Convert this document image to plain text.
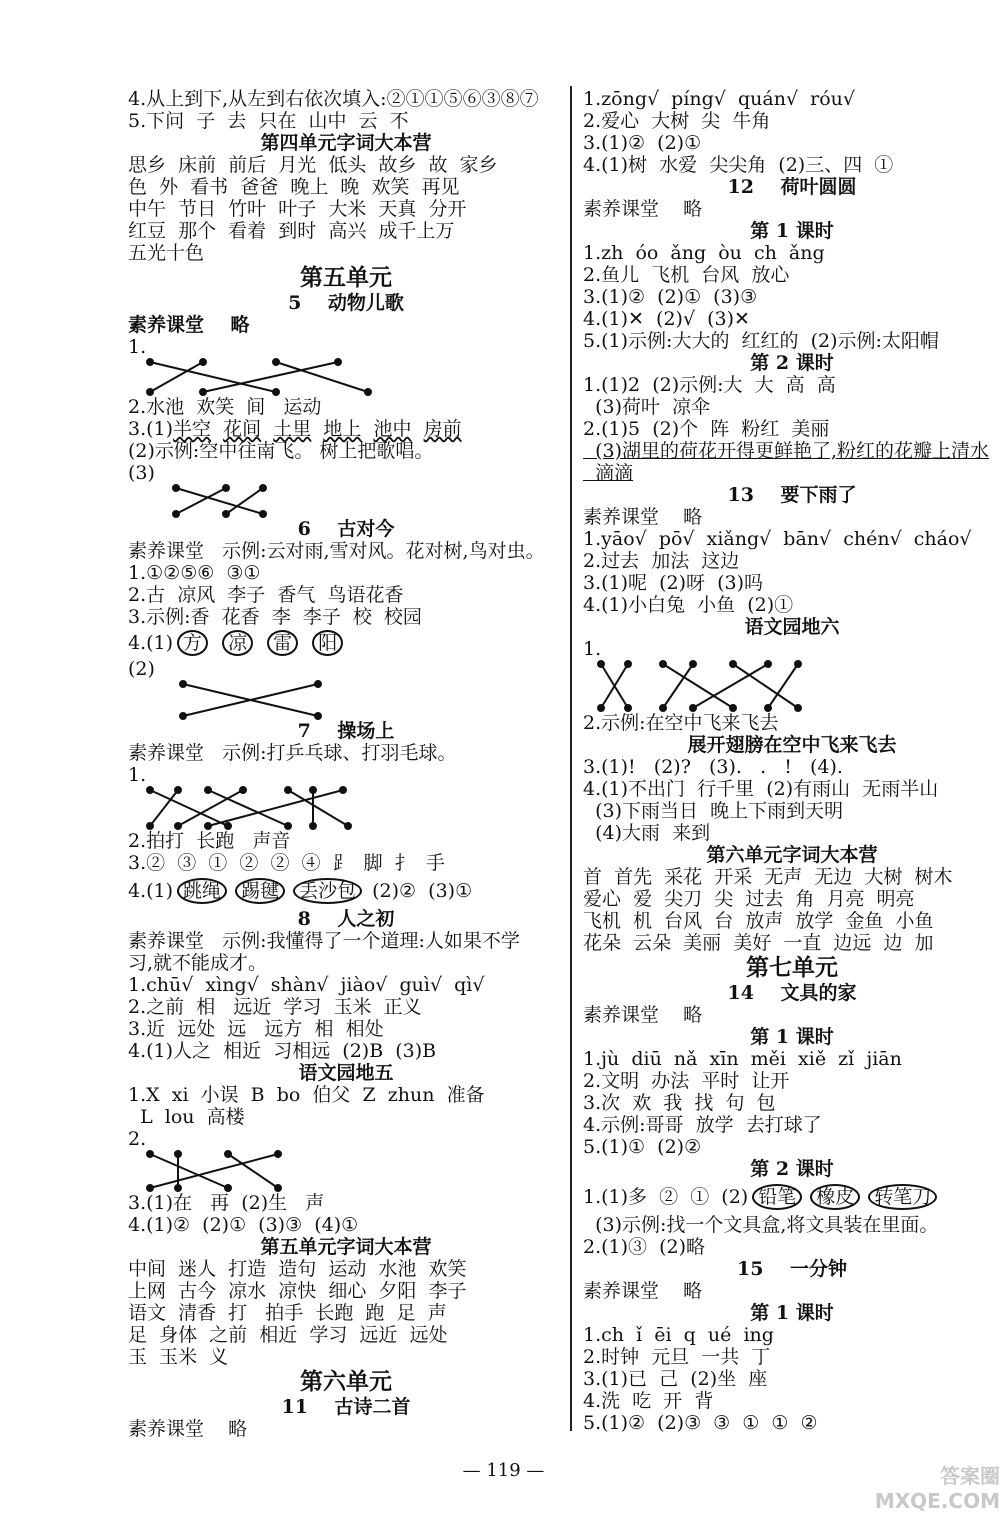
4.从上到下,从左到右依次填入:②①①⑤⑥③⑧⑦
5.下问  子  去  只在  山中  云  不
第四单元字词大本营
思乡  床前  前后  月光  低头  故乡  故  家乡
色  外  看书  爸爸  晚上  晚  欢笑  再见
中午  节日  竹叶  叶子  大米  天真  分开
红豆  那个  看着  到时  高兴  成千上万
五光十色
第五单元
5    动物儿歌
素养课堂    略
1.
2.水池  欢笑  间   运动
3.(1)半空 花间 土里 地上 池中 房前
(2)示例:空中往南飞。 树上把歌唱。
(3)
6    古对今
素养课堂   示例:云对雨,雪对风。花对树,鸟对虫。
1.①②⑤⑥  ③①
2.古  凉风  李子  香气  鸟语花香
3.示例:香  花香  李  李子  校  校园
4.(1) 方 凉 雷 阳
(2)
7    操场上
素养课堂   示例:打乒乓球、打羽毛球。
1.
2.拍打  长跑   声音
3.②  ③  ①  ②  ②  ④  ⻊  脚  扌  手
4.(1) 跳绳 踢毽 丢沙包 (2)②  (3)①
8    人之初
素养课堂   示例:我懂得了一个道理:人如果不学
习,就不能成才。
1.chū√  xìng√  shàn√  jiào√  guì√  qì√
2.之前  相   远近  学习  玉米  正义
3.近  远处  远   远方  相  相处
4.(1)人之  相近  习相远  (2)B  (3)B
语文园地五
1.X  xi  小误  B  bo  伯父  Z  zhun  准备
L  lou  高楼
2.
3.(1)在   再  (2)生   声
4.(1)②  (2)①  (3)③  (4)①
第五单元字词大本营
中间  迷人  打造  造句  运动  水池  欢笑
上网  古今  凉水  凉快  细心  夕阳  李子
语文  清香  打   拍手  长跑  跑  足  声
足  身体  之前  相近  学习  远近  远处
玉  玉米  义
第六单元
11    古诗二首
素养课堂    略
1.zōng√  píng√  quán√  róu√
2.爱心  大树  尖  牛角
3.(1)②  (2)①
4.(1)树  水爱  尖尖角  (2)三、四  ①
12    荷叶圆圆
素养课堂    略
第 1 课时
1.zh  óo  ǎng  òu  ch  ǎng
2.鱼儿  飞机  台风  放心
3.(1)②  (2)①  (3)③
4.(1)✕  (2)√  (3)✕
5.(1)示例:大大的  红红的  (2)示例:太阳帽
第 2 课时
1.(1)2  (2)示例:大  大  高  高
(3)荷叶  凉伞
2.(1)5  (2)个  阵  粉红  美丽
(3)湖里的荷花开得更鲜艳了,粉红的花瓣上清水
滴滴
13    要下雨了
素养课堂    略
1.yāo√  pō√  xiǎng√  bān√  chén√  cháo√
2.过去  加法  这边
3.(1)呢  (2)呀  (3)吗
4.(1)小白兔  小鱼  (2)①
语文园地六
1.
2.示例:在空中飞来飞去
展开翅膀在空中飞来飞去
3.(1)!   (2)?   (3).   .   !   (4).
4.(1)不出门  行千里  (2)有雨山  无雨半山
(3)下雨当日  晚上下雨到天明
(4)大雨  来到
第六单元字词大本营
首  首先  采花  开采  无声  无边  大树  树木
爱心  爱  尖刀  尖  过去  角  月亮  明亮
飞机  机  台风  台  放声  放学  金鱼  小鱼
花朵  云朵  美丽  美好  一直  边远  边  加
第七单元
14    文具的家
素养课堂    略
第 1 课时
1.jù  diū  nǎ  xīn  měi  xiě  zǐ  jiān
2.文明  办法  平时  让开
3.次  欢  我  找  句  包
4.示例:哥哥  放学  去打球了
5.(1)①  (2)②
第 2 课时
1.(1)多  ②  ①  (2) 铅笔 橡皮 转笔刀
(3)示例:找一个文具盒,将文具装在里面。
2.(1)③  (2)略
15    一分钟
素养课堂    略
第 1 课时
1.ch  ǐ  ēi  q  ué  ing
2.时钟  元旦  一共  丁
3.(1)已  己  (2)坐  座
4.洗  吃  开  背
5.(1)②  (2)③  ③  ①  ①  ②
— 119 —	答案圈 MXQE.COM
